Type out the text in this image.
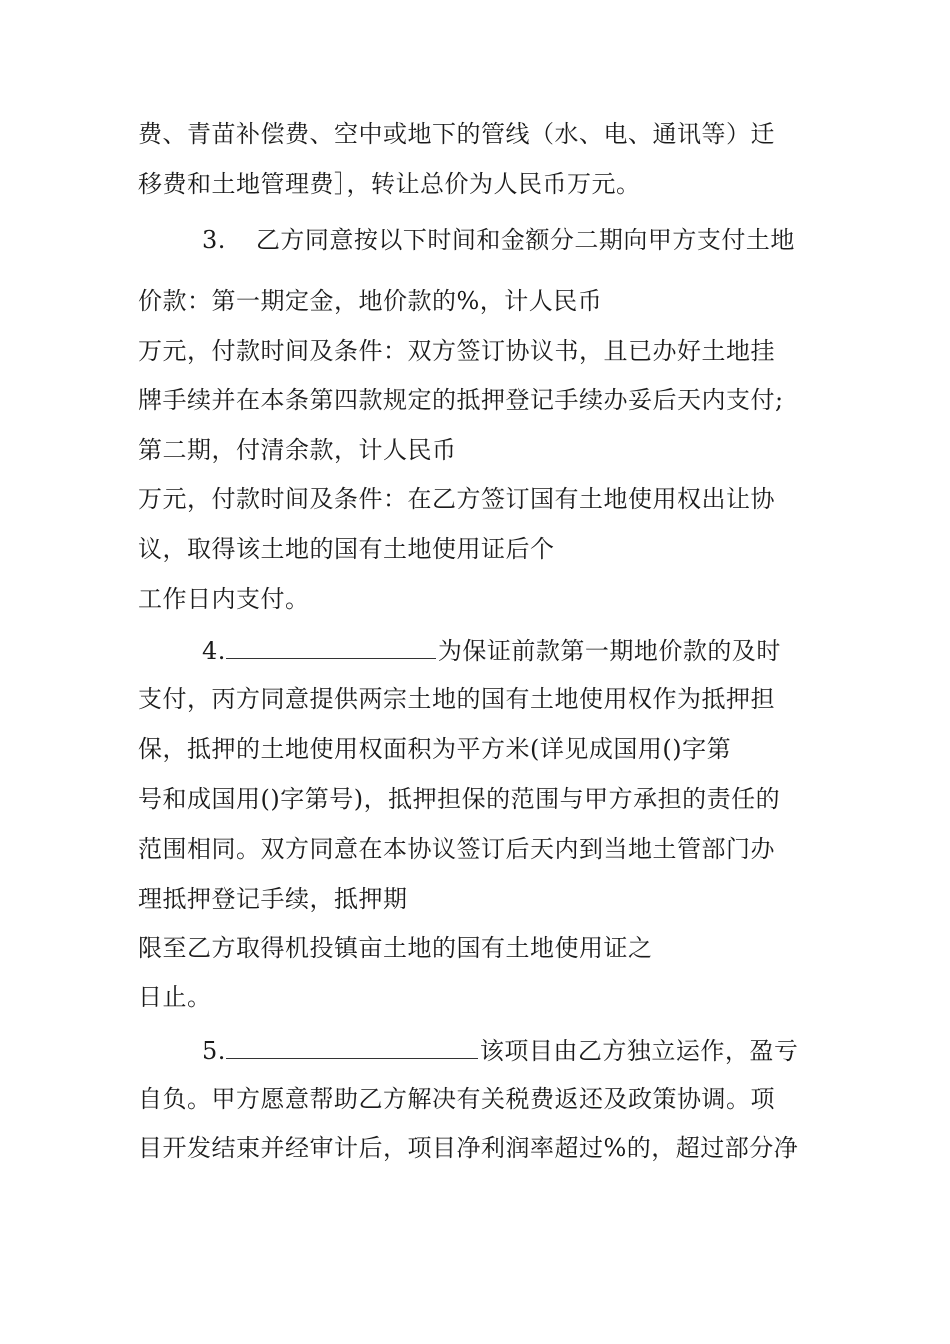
费、青苗补偿费、空中或地下的管线（水、电、通讯等）迁
移费和土地管理费］，转让总价为人民币万元。
3. 乙方同意按以下时间和金额分二期向甲方支付土地
价款：第一期定金，地价款的%，计人民币
万元，付款时间及条件：双方签订协议书，且已办好土地挂
牌手续并在本条第四款规定的抵押登记手续办妥后天内支付;
第二期，付清余款，计人民币
万元，付款时间及条件：在乙方签订国有土地使用权出让协
议，取得该土地的国有土地使用证后个
工作日内支付。
4.	为保证前款第一期地价款的及时
支付，丙方同意提供两宗土地的国有土地使用权作为抵押担
保，抵押的土地使用权面积为平方米(详见成国用()字第
号和成国用()字第号)，抵押担保的范围与甲方承担的责任的
范围相同。双方同意在本协议签订后天内到当地土管部门办
理抵押登记手续，抵押期
限至乙方取得机投镇亩土地的国有土地使用证之
日止。
5.	该项目由乙方独立运作，盈亏
自负。甲方愿意帮助乙方解决有关税费返还及政策协调。项
目开发结束并经审计后，项目净利润率超过%的，超过部分净
